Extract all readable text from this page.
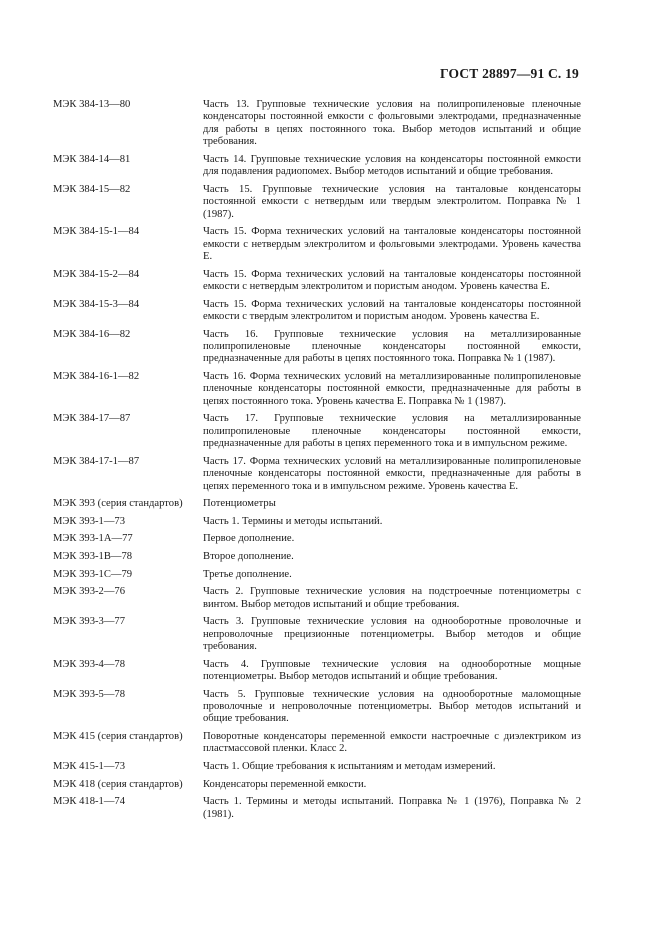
ГОСТ 28897—91 С. 19
МЭК 384-13—80	Часть 13. Групповые технические условия на полипропиленовые пленочные конденсаторы постоянной емкости с фольговыми электродами, предназначенные для работы в цепях постоянного тока. Выбор методов испытаний и общие требования.
МЭК 384-14—81	Часть 14. Групповые технические условия на конденсаторы постоянной емкости для подавления радиопомех. Выбор методов испытаний и общие требования.
МЭК 384-15—82	Часть 15. Групповые технические условия на танталовые конденсаторы постоянной емкости с нетвердым или твердым электролитом. Поправка № 1 (1987).
МЭК 384-15-1—84	Часть 15. Форма технических условий на танталовые конденсаторы постоянной емкости с нетвердым электролитом и фольговыми электродами. Уровень качества Е.
МЭК 384-15-2—84	Часть 15. Форма технических условий на танталовые конденсаторы постоянной емкости с нетвердым электролитом и пористым анодом. Уровень качества Е.
МЭК 384-15-3—84	Часть 15. Форма технических условий на танталовые конденсаторы постоянной емкости с твердым электролитом и пористым анодом. Уровень качества Е.
МЭК 384-16—82	Часть 16. Групповые технические условия на металлизированные полипропиленовые пленочные конденсаторы постоянной емкости, предназначенные для работы в цепях постоянного тока. Поправка № 1 (1987).
МЭК 384-16-1—82	Часть 16. Форма технических условий на металлизированные полипропиленовые пленочные конденсаторы постоянной емкости, предназначенные для работы в цепях постоянного тока. Уровень качества Е. Поправка № 1 (1987).
МЭК 384-17—87	Часть 17. Групповые технические условия на металлизированные полипропиленовые пленочные конденсаторы постоянной емкости, предназначенные для работы в цепях переменного тока и в импульсном режиме.
МЭК 384-17-1—87	Часть 17. Форма технических условий на металлизированные полипропиленовые пленочные конденсаторы постоянной емкости, предназначенные для работы в цепях переменного тока и в импульсном режиме. Уровень качества Е.
МЭК 393 (серия стандартов)	Потенциометры
МЭК 393-1—73	Часть 1. Термины и методы испытаний.
МЭК 393-1А—77	Первое дополнение.
МЭК 393-1В—78	Второе дополнение.
МЭК 393-1С—79	Третье дополнение.
МЭК 393-2—76	Часть 2. Групповые технические условия на подстроечные потенциометры с винтом. Выбор методов испытаний и общие требования.
МЭК 393-3—77	Часть 3. Групповые технические условия на однооборотные проволочные и непроволочные прецизионные потенциометры. Выбор методов и общие требования.
МЭК 393-4—78	Часть 4. Групповые технические условия на однооборотные мощные потенциометры. Выбор методов испытаний и общие требования.
МЭК 393-5—78	Часть 5. Групповые технические условия на однооборотные маломощные проволочные и непроволочные потенциометры. Выбор методов испытаний и общие требования.
МЭК 415 (серия стандартов)	Поворотные конденсаторы переменной емкости настроечные с диэлектриком из пластмассовой пленки. Класс 2.
МЭК 415-1—73	Часть 1. Общие требования к испытаниям и методам измерений.
МЭК 418 (серия стандартов)	Конденсаторы переменной емкости.
МЭК 418-1—74	Часть 1. Термины и методы испытаний. Поправка № 1 (1976), Поправка № 2 (1981).
